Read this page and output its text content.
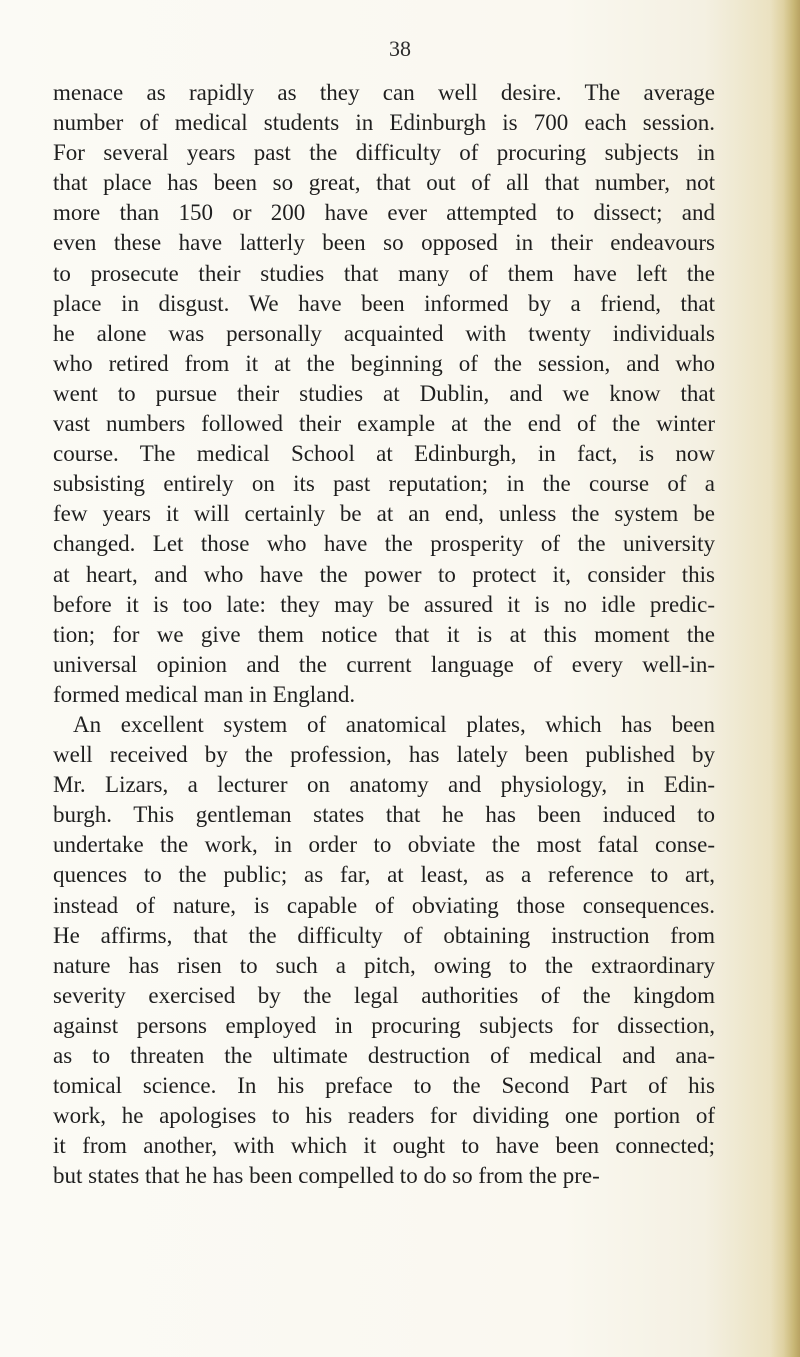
38

menace as rapidly as they can well desire. The average
number of medical students in Edinburgh is 700 each session.
For several years past the difficulty of procuring subjects in
that place has been so great, that out of all that number, not
more than 150 or 200 have ever attempted to dissect; and
even these have latterly been so opposed in their endeavours
to prosecute their studies that many of them have left the
place in disgust. We have been informed by a friend, that
he alone was personally acquainted with twenty individuals
who retired from it at the beginning of the session, and who
went to pursue their studies at Dublin, and we know that
vast numbers followed their example at the end of the winter
course. The medical School at Edinburgh, in fact, is now
subsisting entirely on its past reputation; in the course of a
few years it will certainly be at an end, unless the system be
changed. Let those who have the prosperity of the university
at heart, and who have the power to protect it, consider this
before it is too late: they may be assured it is no idle predic-
tion; for we give them notice that it is at this moment the
universal opinion and the current language of every well-in-
formed medical man in England.
An excellent system of anatomical plates, which has been
well received by the profession, has lately been published by
Mr. Lizars, a lecturer on anatomy and physiology, in Edin-
burgh. This gentleman states that he has been induced to
undertake the work, in order to obviate the most fatal conse-
quences to the public; as far, at least, as a reference to art,
instead of nature, is capable of obviating those consequences.
He affirms, that the difficulty of obtaining instruction from
nature has risen to such a pitch, owing to the extraordinary
severity exercised by the legal authorities of the kingdom
against persons employed in procuring subjects for dissection,
as to threaten the ultimate destruction of medical and ana-
tomical science. In his preface to the Second Part of his
work, he apologises to his readers for dividing one portion of
it from another, with which it ought to have been connected;
but states that he has been compelled to do so from the pre-
